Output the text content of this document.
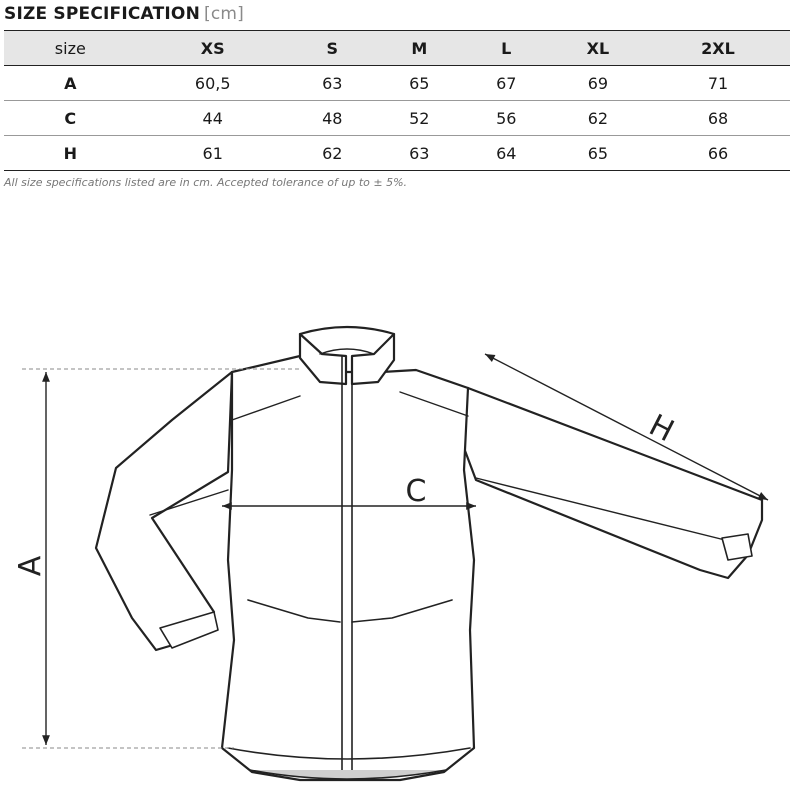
SIZE SPECIFICATION [cm]
size	XS	S	M	L	XL	2XL
A	60,5	63	65	67	69	71
C	44	48	52	56	62	68
H	61	62	63	64	65	66
All size specifications listed are in cm. Accepted tolerance of up to ± 5%.
A
C
H
